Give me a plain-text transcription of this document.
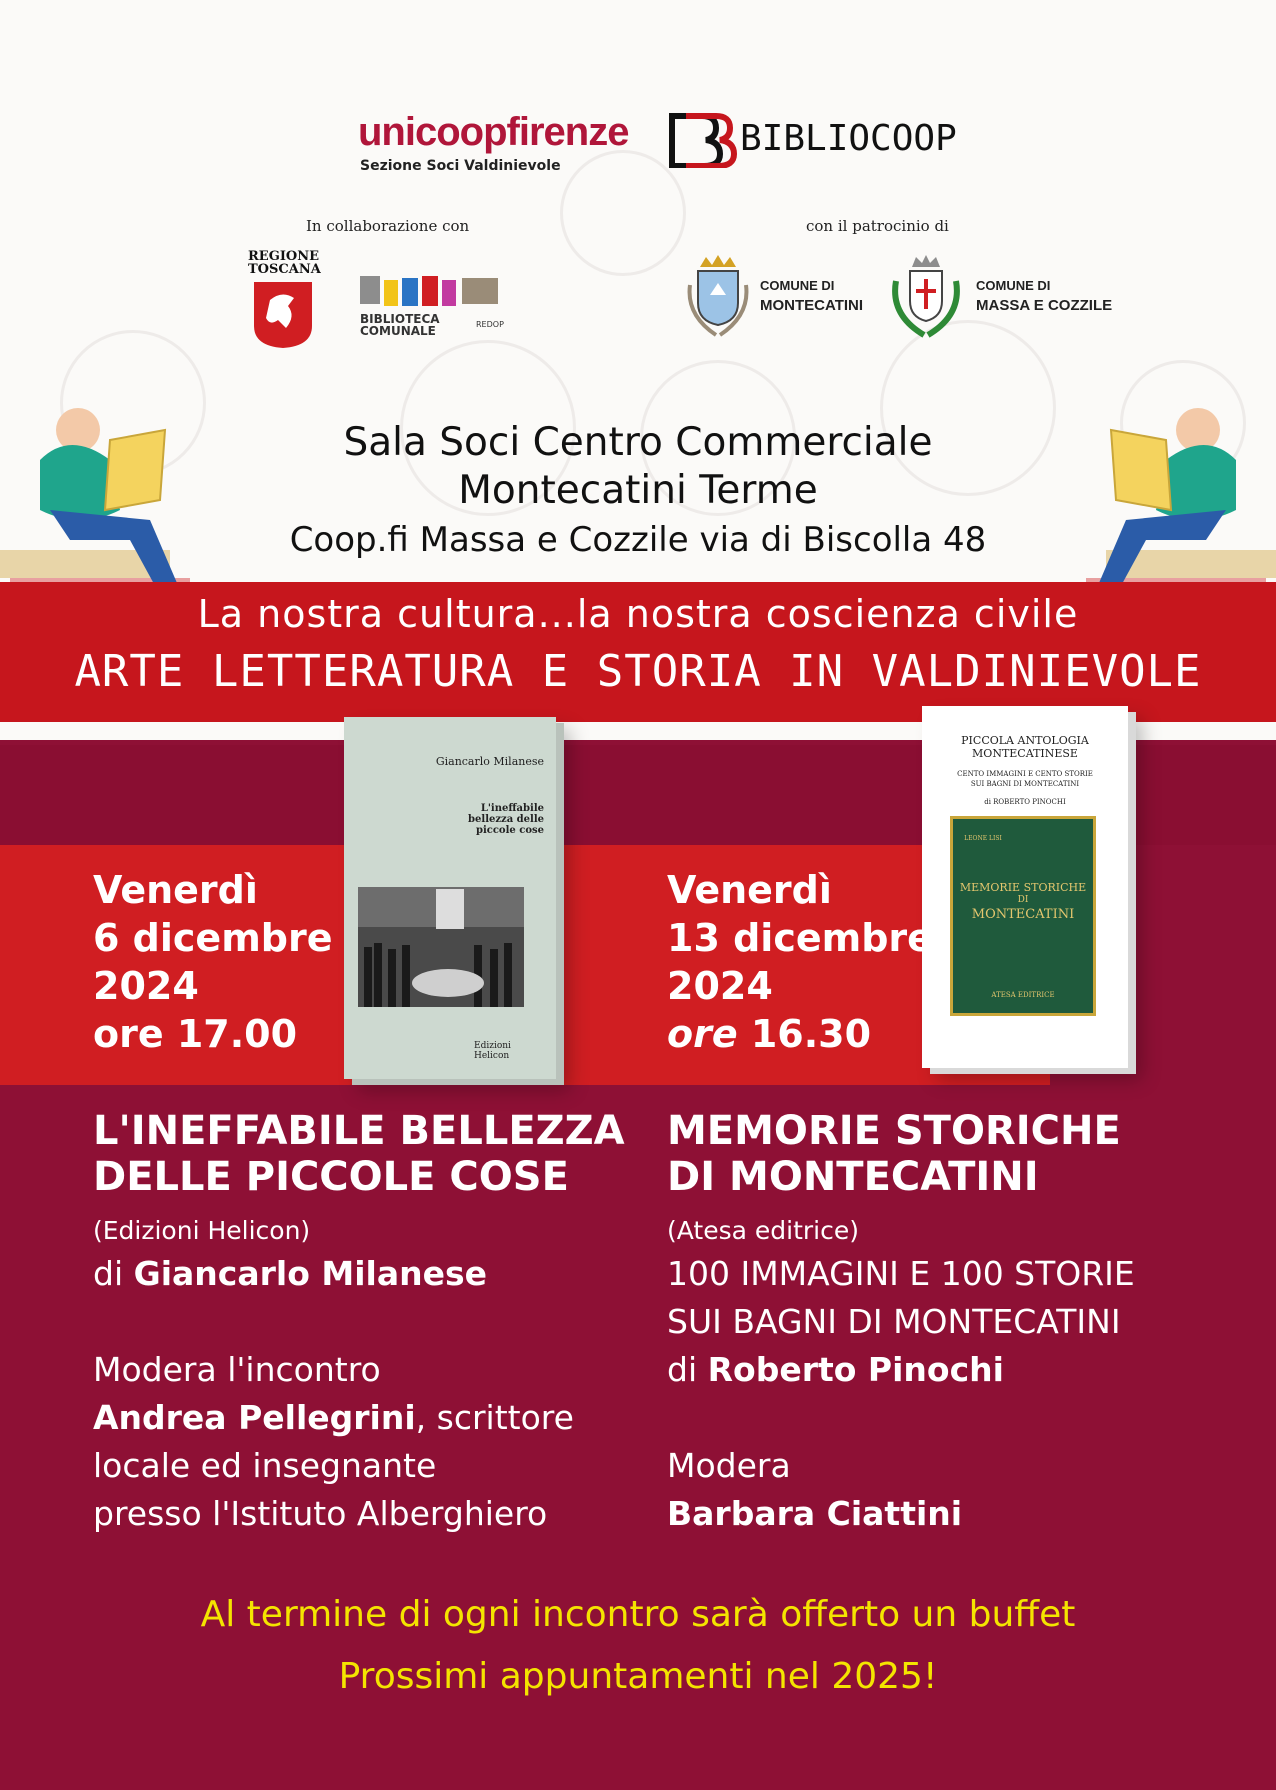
unicoopfirenze
Sezione Soci Valdinievole
BIBLIOCOOP
In collaborazione con	con il patrocinio di
REGIONE TOSCANA
BIBLIOTECA COMUNALE	REDOP
COMUNE DI
MONTECATINI
COMUNE DI
MASSA E COZZILE
Sala Soci Centro Commerciale
Montecatini Terme
Coop.fi Massa e Cozzile via di Biscolla 48
La nostra cultura...la nostra coscienza civile
ARTE LETTERATURA E STORIA IN VALDINIEVOLE
Giancarlo Milanese
L'ineffabile bellezza delle piccole cose
Edizioni Helicon
PICCOLA ANTOLOGIA
MONTECATINESE
CENTO IMMAGINI E CENTO STORIE
SUI BAGNI DI MONTECATINI
di ROBERTO PINOCHI
LEONE LISI
MEMORIE STORICHE
DI
MONTECATINI
ATESA EDITRICE
Venerdì
6 dicembre
2024
ore 17.00
Venerdì
13 dicembre
2024
ore 16.30
L'INEFFABILE BELLEZZA
DELLE PICCOLE COSE
(Edizioni Helicon)
di Giancarlo Milanese
Modera l'incontro
Andrea Pellegrini, scrittore
locale ed insegnante
presso l'Istituto Alberghiero
MEMORIE STORICHE
DI MONTECATINI
(Atesa editrice)
100 IMMAGINI E 100 STORIE
SUI BAGNI DI MONTECATINI
di Roberto Pinochi
Modera
Barbara Ciattini
Al termine di ogni incontro sarà offerto un buffet
Prossimi appuntamenti nel 2025!
